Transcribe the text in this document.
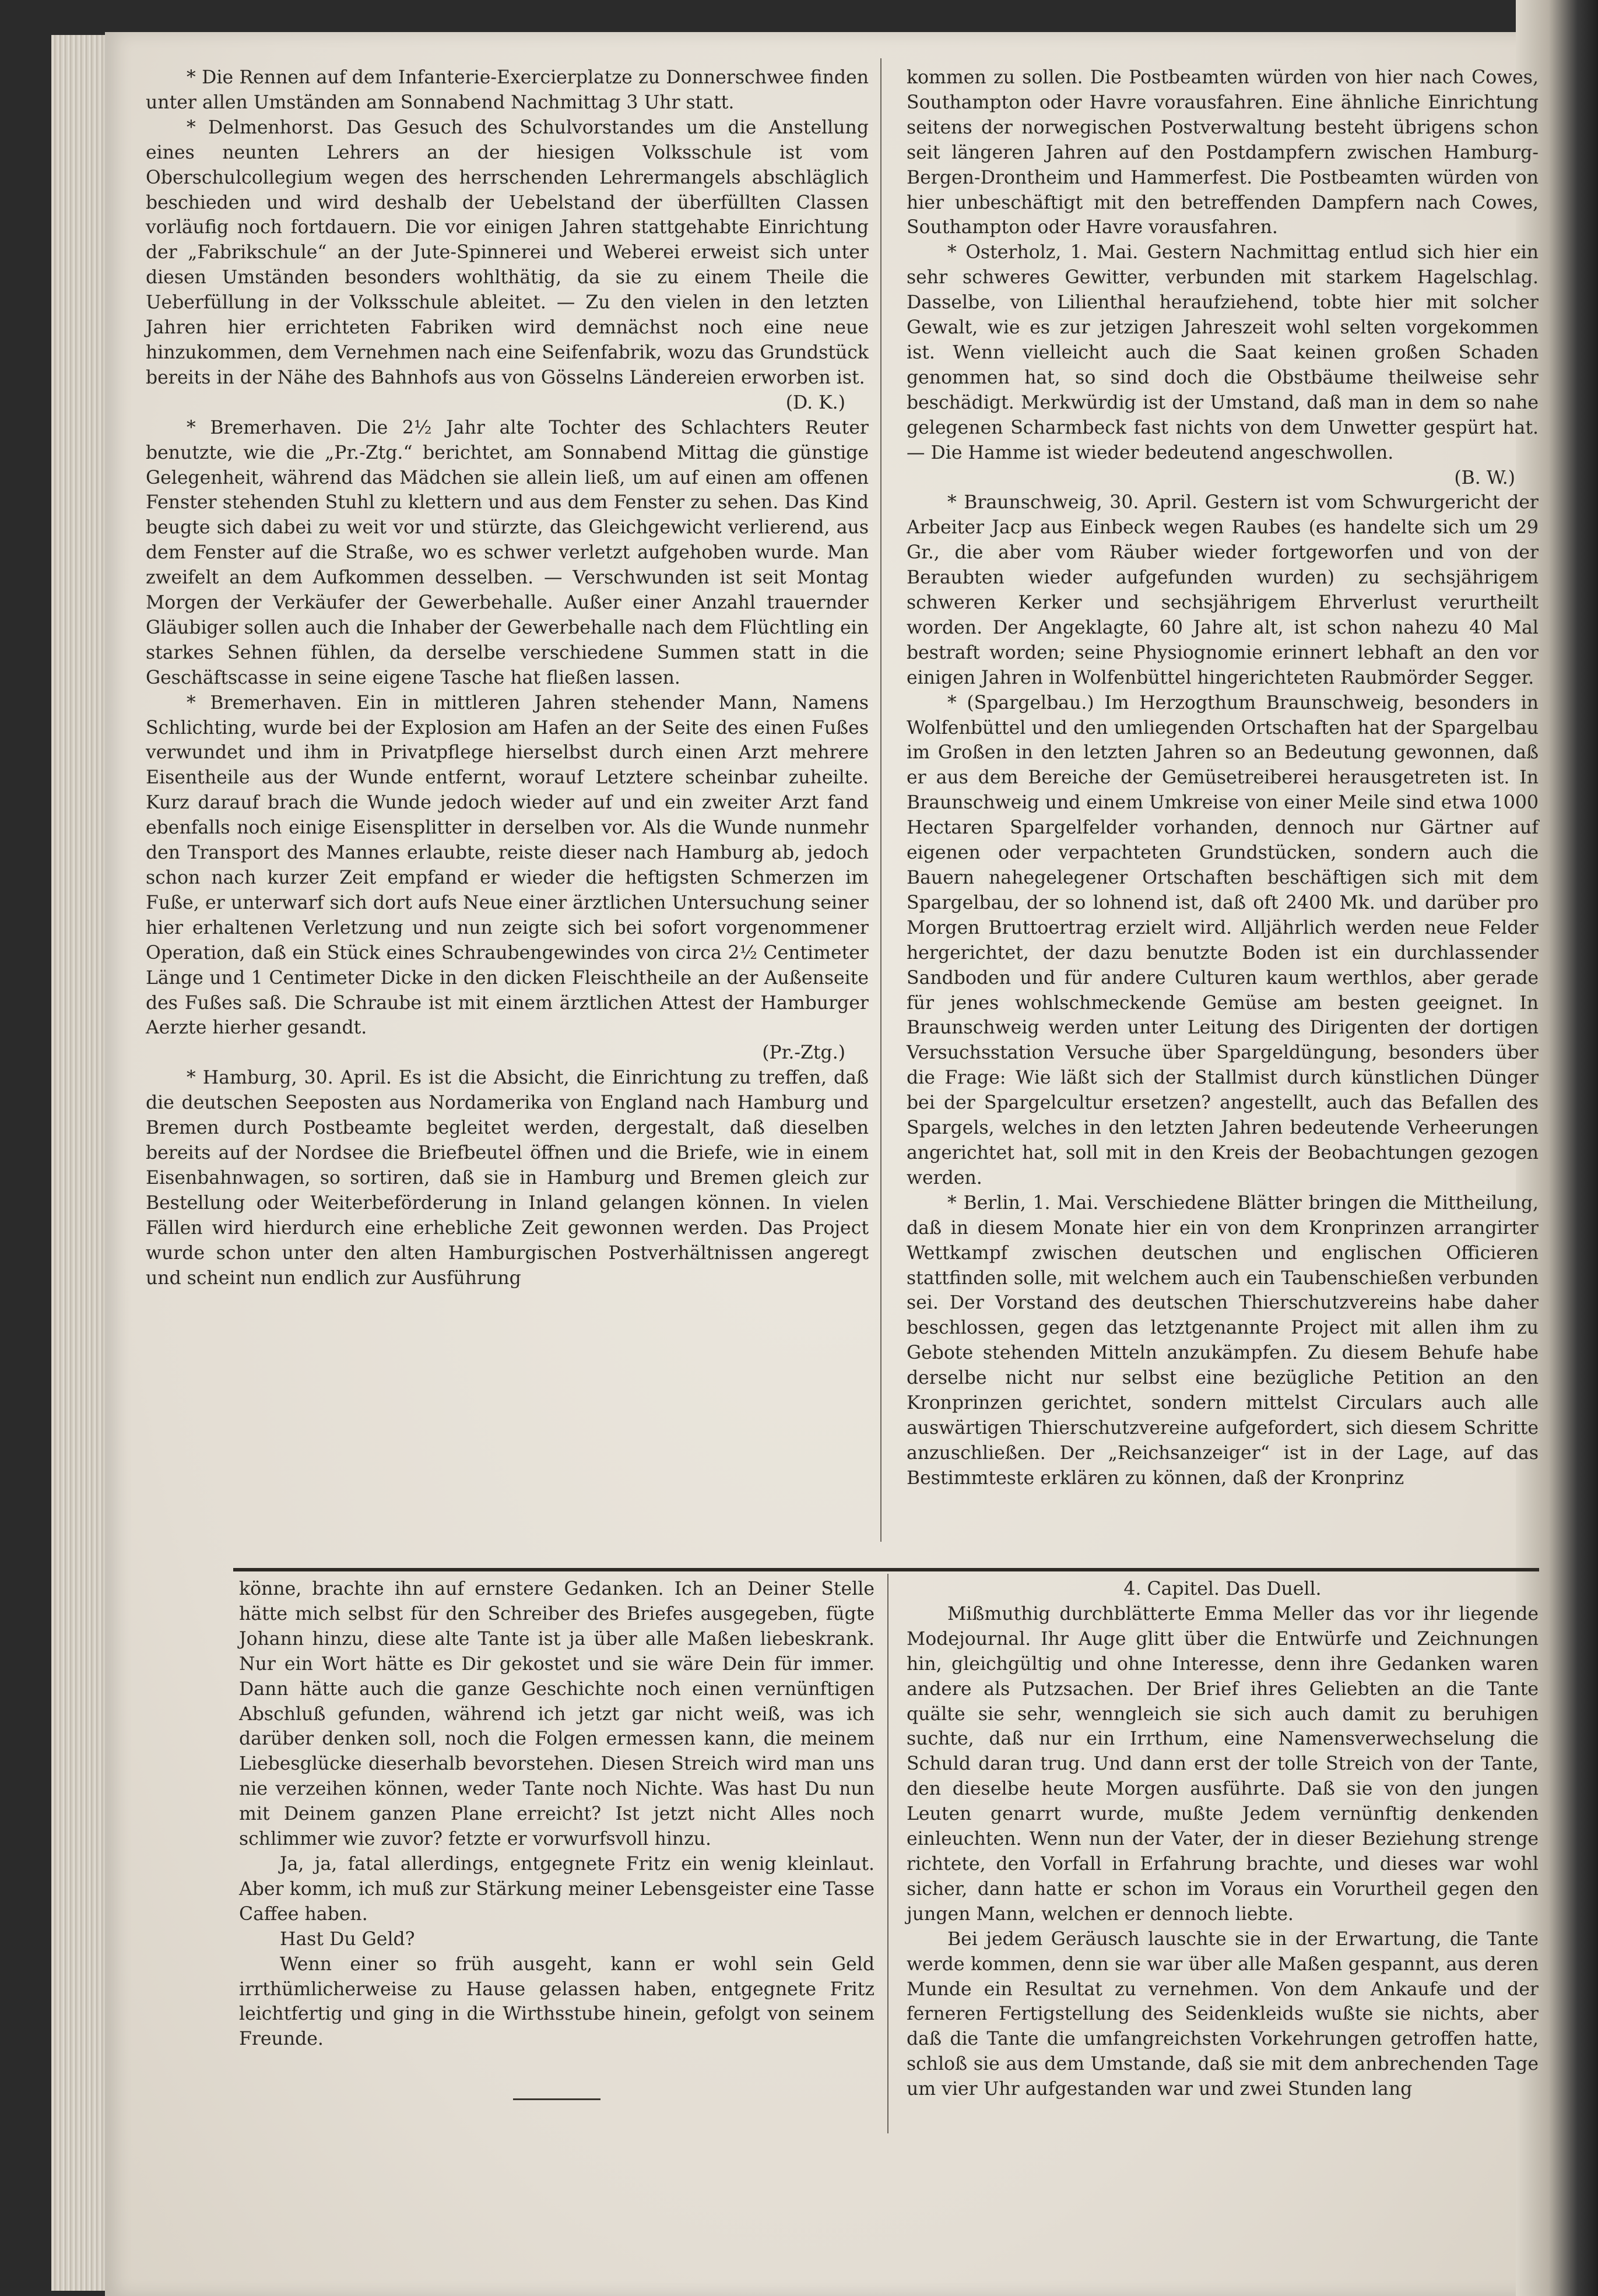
* Die Rennen auf dem Infanterie-Exercierplatze zu Donnerschwee finden unter allen Umständen am Sonnabend Nachmittag 3 Uhr statt.

* Delmenhorst. Das Gesuch des Schulvorstandes um die Anstellung eines neunten Lehrers an der hiesigen Volksschule ist vom Oberschulcollegium wegen des herrschenden Lehrermangels abschläglich beschieden und wird deshalb der Uebelstand der überfüllten Classen vorläufig noch fortdauern. Die vor einigen Jahren stattgehabte Einrichtung der „Fabrikschule“ an der Jute-Spinnerei und Weberei erweist sich unter diesen Umständen besonders wohlthätig, da sie zu einem Theile die Ueberfüllung in der Volksschule ableitet. — Zu den vielen in den letzten Jahren hier errichteten Fabriken wird demnächst noch eine neue hinzukommen, dem Vernehmen nach eine Seifenfabrik, wozu das Grundstück bereits in der Nähe des Bahnhofs aus von Gösselns Ländereien erworben ist.

(D. K.)

* Bremerhaven. Die 2½ Jahr alte Tochter des Schlachters Reuter benutzte, wie die „Pr.-Ztg.“ berichtet, am Sonnabend Mittag die günstige Gelegenheit, während das Mädchen sie allein ließ, um auf einen am offenen Fenster stehenden Stuhl zu klettern und aus dem Fenster zu sehen. Das Kind beugte sich dabei zu weit vor und stürzte, das Gleichgewicht verlierend, aus dem Fenster auf die Straße, wo es schwer verletzt aufgehoben wurde. Man zweifelt an dem Aufkommen desselben. — Verschwunden ist seit Montag Morgen der Verkäufer der Gewerbehalle. Außer einer Anzahl trauernder Gläubiger sollen auch die Inhaber der Gewerbehalle nach dem Flüchtling ein starkes Sehnen fühlen, da derselbe verschiedene Summen statt in die Geschäftscasse in seine eigene Tasche hat fließen lassen.

* Bremerhaven. Ein in mittleren Jahren stehender Mann, Namens Schlichting, wurde bei der Explosion am Hafen an der Seite des einen Fußes verwundet und ihm in Privatpflege hierselbst durch einen Arzt mehrere Eisentheile aus der Wunde entfernt, worauf Letztere scheinbar zuheilte. Kurz darauf brach die Wunde jedoch wieder auf und ein zweiter Arzt fand ebenfalls noch einige Eisensplitter in derselben vor. Als die Wunde nunmehr den Transport des Mannes erlaubte, reiste dieser nach Hamburg ab, jedoch schon nach kurzer Zeit empfand er wieder die heftigsten Schmerzen im Fuße, er unterwarf sich dort aufs Neue einer ärztlichen Untersuchung seiner hier erhaltenen Verletzung und nun zeigte sich bei sofort vorgenommener Operation, daß ein Stück eines Schraubengewindes von circa 2½ Centimeter Länge und 1 Centimeter Dicke in den dicken Fleischtheile an der Außenseite des Fußes saß. Die Schraube ist mit einem ärztlichen Attest der Hamburger Aerzte hierher gesandt.

(Pr.-Ztg.)

* Hamburg, 30. April. Es ist die Absicht, die Einrichtung zu treffen, daß die deutschen Seeposten aus Nordamerika von England nach Hamburg und Bremen durch Postbeamte begleitet werden, dergestalt, daß dieselben bereits auf der Nordsee die Briefbeutel öffnen und die Briefe, wie in einem Eisenbahnwagen, so sortiren, daß sie in Hamburg und Bremen gleich zur Bestellung oder Weiterbeförderung in Inland gelangen können. In vielen Fällen wird hierdurch eine erhebliche Zeit gewonnen werden. Das Project wurde schon unter den alten Hamburgischen Postverhältnissen angeregt und scheint nun endlich zur Ausführung

kommen zu sollen. Die Postbeamten würden von hier nach Cowes, Southampton oder Havre vorausfahren. Eine ähnliche Einrichtung seitens der norwegischen Postverwaltung besteht übrigens schon seit längeren Jahren auf den Postdampfern zwischen Hamburg-Bergen-Drontheim und Hammerfest. Die Postbeamten würden von hier unbeschäftigt mit den betreffenden Dampfern nach Cowes, Southampton oder Havre vorausfahren.

* Osterholz, 1. Mai. Gestern Nachmittag entlud sich hier ein sehr schweres Gewitter, verbunden mit starkem Hagelschlag. Dasselbe, von Lilienthal heraufziehend, tobte hier mit solcher Gewalt, wie es zur jetzigen Jahreszeit wohl selten vorgekommen ist. Wenn vielleicht auch die Saat keinen großen Schaden genommen hat, so sind doch die Obstbäume theilweise sehr beschädigt. Merkwürdig ist der Umstand, daß man in dem so nahe gelegenen Scharmbeck fast nichts von dem Unwetter gespürt hat. — Die Hamme ist wieder bedeutend angeschwollen.

(B. W.)

* Braunschweig, 30. April. Gestern ist vom Schwurgericht der Arbeiter Jacp aus Einbeck wegen Raubes (es handelte sich um 29 Gr., die aber vom Räuber wieder fortgeworfen und von der Beraubten wieder aufgefunden wurden) zu sechsjährigem schweren Kerker und sechsjährigem Ehrverlust verurtheilt worden. Der Angeklagte, 60 Jahre alt, ist schon nahezu 40 Mal bestraft worden; seine Physiognomie erinnert lebhaft an den vor einigen Jahren in Wolfenbüttel hingerichteten Raubmörder Segger.

* (Spargelbau.) Im Herzogthum Braunschweig, besonders in Wolfenbüttel und den umliegenden Ortschaften hat der Spargelbau im Großen in den letzten Jahren so an Bedeutung gewonnen, daß er aus dem Bereiche der Gemüsetreiberei herausgetreten ist. In Braunschweig und einem Umkreise von einer Meile sind etwa 1000 Hectaren Spargelfelder vorhanden, dennoch nur Gärtner auf eigenen oder verpachteten Grundstücken, sondern auch die Bauern nahegelegener Ortschaften beschäftigen sich mit dem Spargelbau, der so lohnend ist, daß oft 2400 Mk. und darüber pro Morgen Bruttoertrag erzielt wird. Alljährlich werden neue Felder hergerichtet, der dazu benutzte Boden ist ein durchlassender Sandboden und für andere Culturen kaum werthlos, aber gerade für jenes wohlschmeckende Gemüse am besten geeignet. In Braunschweig werden unter Leitung des Dirigenten der dortigen Versuchsstation Versuche über Spargeldüngung, besonders über die Frage: Wie läßt sich der Stallmist durch künstlichen Dünger bei der Spargelcultur ersetzen? angestellt, auch das Befallen des Spargels, welches in den letzten Jahren bedeutende Verheerungen angerichtet hat, soll mit in den Kreis der Beobachtungen gezogen werden.

* Berlin, 1. Mai. Verschiedene Blätter bringen die Mittheilung, daß in diesem Monate hier ein von dem Kronprinzen arrangirter Wettkampf zwischen deutschen und englischen Officieren stattfinden solle, mit welchem auch ein Taubenschießen verbunden sei. Der Vorstand des deutschen Thierschutzvereins habe daher beschlossen, gegen das letztgenannte Project mit allen ihm zu Gebote stehenden Mitteln anzukämpfen. Zu diesem Behufe habe derselbe nicht nur selbst eine bezügliche Petition an den Kronprinzen gerichtet, sondern mittelst Circulars auch alle auswärtigen Thierschutzvereine aufgefordert, sich diesem Schritte anzuschließen. Der „Reichsanzeiger“ ist in der Lage, auf das Bestimmteste erklären zu können, daß der Kronprinz

könne, brachte ihn auf ernstere Gedanken. Ich an Deiner Stelle hätte mich selbst für den Schreiber des Briefes ausgegeben, fügte Johann hinzu, diese alte Tante ist ja über alle Maßen liebeskrank. Nur ein Wort hätte es Dir gekostet und sie wäre Dein für immer. Dann hätte auch die ganze Geschichte noch einen vernünftigen Abschluß gefunden, während ich jetzt gar nicht weiß, was ich darüber denken soll, noch die Folgen ermessen kann, die meinem Liebesglücke dieserhalb bevorstehen. Diesen Streich wird man uns nie verzeihen können, weder Tante noch Nichte. Was hast Du nun mit Deinem ganzen Plane erreicht? Ist jetzt nicht Alles noch schlimmer wie zuvor? fetzte er vorwurfsvoll hinzu.

Ja, ja, fatal allerdings, entgegnete Fritz ein wenig kleinlaut. Aber komm, ich muß zur Stärkung meiner Lebensgeister eine Tasse Caffee haben.

Hast Du Geld?

Wenn einer so früh ausgeht, kann er wohl sein Geld irrthümlicherweise zu Hause gelassen haben, entgegnete Fritz leichtfertig und ging in die Wirthsstube hinein, gefolgt von seinem Freunde.

4. Capitel. Das Duell.

Mißmuthig durchblätterte Emma Meller das vor ihr liegende Modejournal. Ihr Auge glitt über die Entwürfe und Zeichnungen hin, gleichgültig und ohne Interesse, denn ihre Gedanken waren andere als Putzsachen. Der Brief ihres Geliebten an die Tante quälte sie sehr, wenngleich sie sich auch damit zu beruhigen suchte, daß nur ein Irrthum, eine Namensverwechselung die Schuld daran trug. Und dann erst der tolle Streich von der Tante, den dieselbe heute Morgen ausführte. Daß sie von den jungen Leuten genarrt wurde, mußte Jedem vernünftig denkenden einleuchten. Wenn nun der Vater, der in dieser Beziehung strenge richtete, den Vorfall in Erfahrung brachte, und dieses war wohl sicher, dann hatte er schon im Voraus ein Vorurtheil gegen den jungen Mann, welchen er dennoch liebte.

Bei jedem Geräusch lauschte sie in der Erwartung, die Tante werde kommen, denn sie war über alle Maßen gespannt, aus deren Munde ein Resultat zu vernehmen. Von dem Ankaufe und der ferneren Fertigstellung des Seidenkleids wußte sie nichts, aber daß die Tante die umfangreichsten Vorkehrungen getroffen hatte, schloß sie aus dem Umstande, daß sie mit dem anbrechenden Tage um vier Uhr aufgestanden war und zwei Stunden lang
